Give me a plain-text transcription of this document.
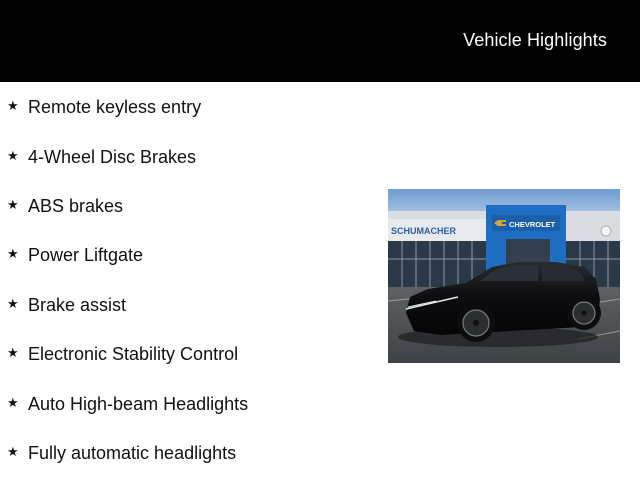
Vehicle Highlights
★ Remote keyless entry
★ 4-Wheel Disc Brakes
★ ABS brakes
★ Power Liftgate
★ Brake assist
★ Electronic Stability Control
★ Auto High-beam Headlights
★ Fully automatic headlights
SCHUMACHER
CHEVROLET
